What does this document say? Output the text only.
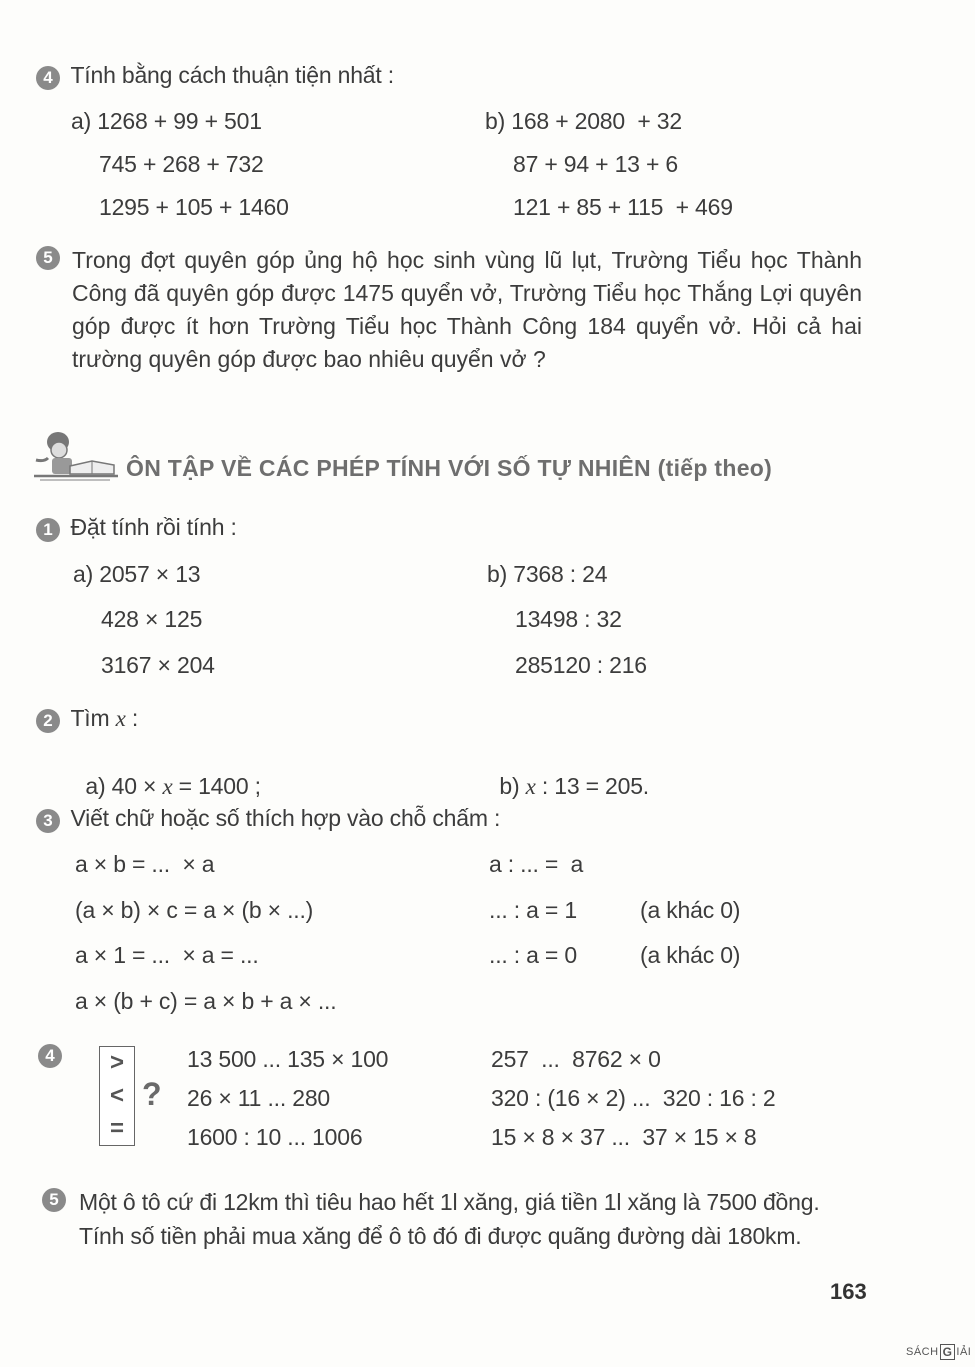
4 Tính bằng cách thuận tiện nhất :
a) 1268 + 99 + 501
745 + 268 + 732
1295 + 105 + 1460
b) 168 + 2080  + 32
87 + 94 + 13 + 6
121 + 85 + 115  + 469
5 Trong đợt quyên góp ủng hộ học sinh vùng lũ lụt, Trường Tiểu học Thành Công đã quyên góp được 1475 quyển vở, Trường Tiểu học Thắng Lợi quyên góp được ít hơn Trường Tiểu học Thành Công 184 quyển vở. Hỏi cả hai trường quyên góp được bao nhiêu quyển vở ?
ÔN TẬP VỀ CÁC PHÉP TÍNH VỚI SỐ TỰ NHIÊN (tiếp theo)
1 Đặt tính rồi tính :
a) 2057 × 13
428 × 125
3167 × 204
b) 7368 : 24
13498 : 32
285120 : 216
2 Tìm x :

a) 40 × x = 1400 ;	b) x : 13 = 205.

3 Viết chữ hoặc số thích hợp vào chỗ chấm :
a × b = ...  × a
(a × b) × c = a × (b × ...)
a × 1 = ...  × a = ...
a × (b + c) = a × b + a × ...
a : ... =  a
... : a = 1
... : a = 0
(a khác 0)
(a khác 0)
4	>
<
=
?
13 500 ... 135 × 100
26 × 11 ... 280
1600 : 10 ... 1006
257  ...  8762 × 0
320 : (16 × 2) ...  320 : 16 : 2
15 × 8 × 37 ...  37 × 15 × 8
5 Một ô tô cứ đi 12km thì tiêu hao hết 1l xăng, giá tiền 1l xăng là 7500 đồng.
Tính số tiền phải mua xăng để ô tô đó đi được quãng đường dài 180km.
163
SÁCH G IẢI
